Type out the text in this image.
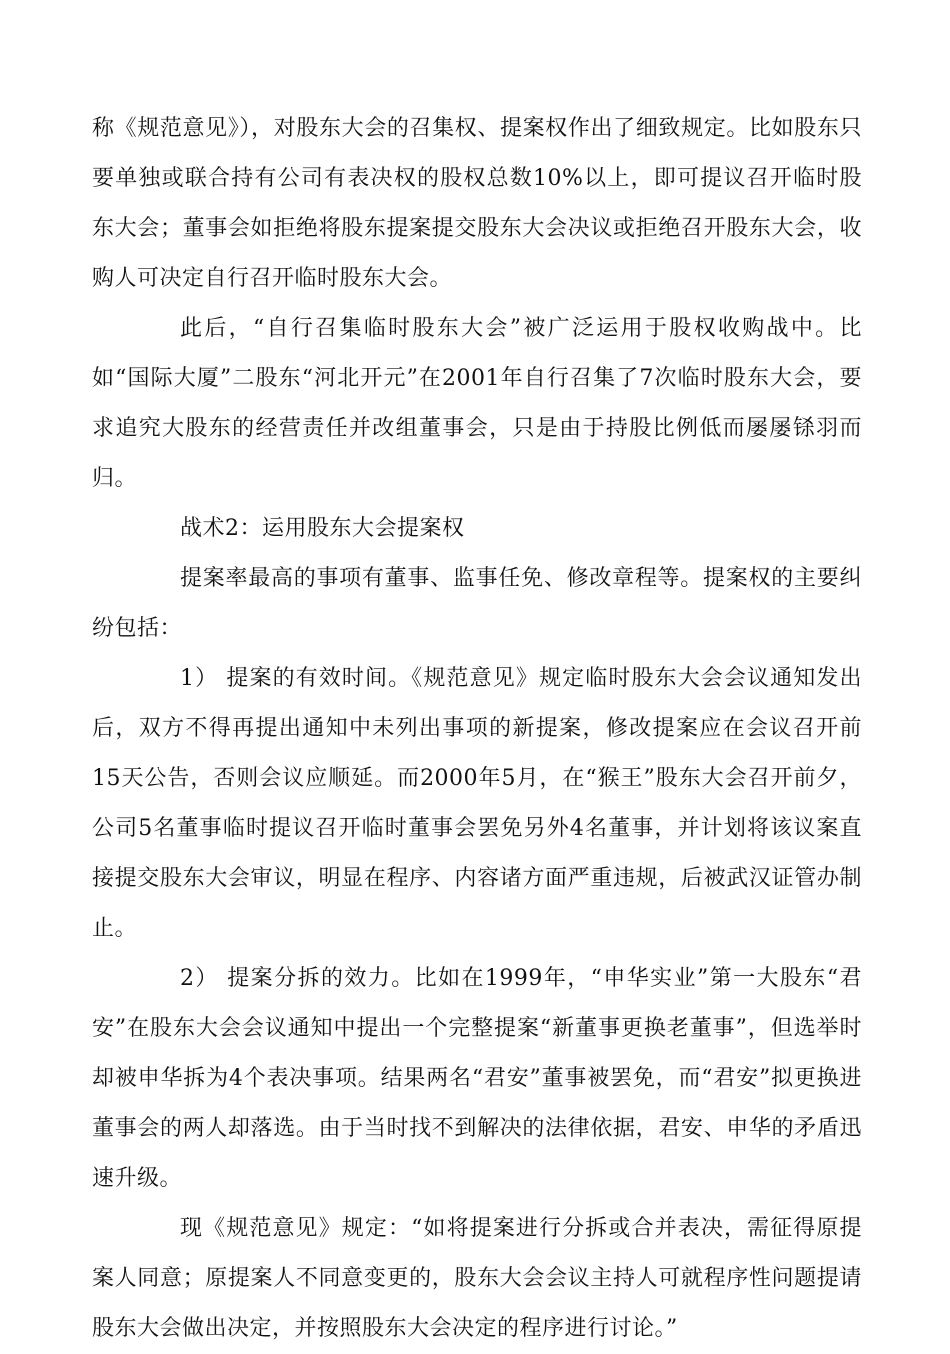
称《规范意见》），对股东大会的召集权、提案权作出了细致规定。比如股东只要单独或联合持有公司有表决权的股权总数10%以上，即可提议召开临时股东大会；董事会如拒绝将股东提案提交股东大会决议或拒绝召开股东大会，收购人可决定自行召开临时股东大会。

此后，“自行召集临时股东大会”被广泛运用于股权收购战中。比如“国际大厦”二股东“河北开元”在2001年自行召集了7次临时股东大会，要求追究大股东的经营责任并改组董事会，只是由于持股比例低而屡屡铩羽而归。

战术2：运用股东大会提案权

提案率最高的事项有董事、监事任免、修改章程等。提案权的主要纠纷包括：

1） 提案的有效时间。《规范意见》规定临时股东大会会议通知发出后，双方不得再提出通知中未列出事项的新提案，修改提案应在会议召开前15天公告，否则会议应顺延。而2000年5月，在“猴王”股东大会召开前夕，公司5名董事临时提议召开临时董事会罢免另外4名董事，并计划将该议案直接提交股东大会审议，明显在程序、内容诸方面严重违规，后被武汉证管办制止。

2） 提案分拆的效力。比如在1999年，“申华实业”第一大股东“君安”在股东大会会议通知中提出一个完整提案“新董事更换老董事”，但选举时却被申华拆为4个表决事项。结果两名“君安”董事被罢免，而“君安”拟更换进董事会的两人却落选。由于当时找不到解决的法律依据，君安、申华的矛盾迅速升级。

现《规范意见》规定：“如将提案进行分拆或合并表决，需征得原提案人同意；原提案人不同意变更的，股东大会会议主持人可就程序性问题提请股东大会做出决定，并按照股东大会决定的程序进行讨论。”
